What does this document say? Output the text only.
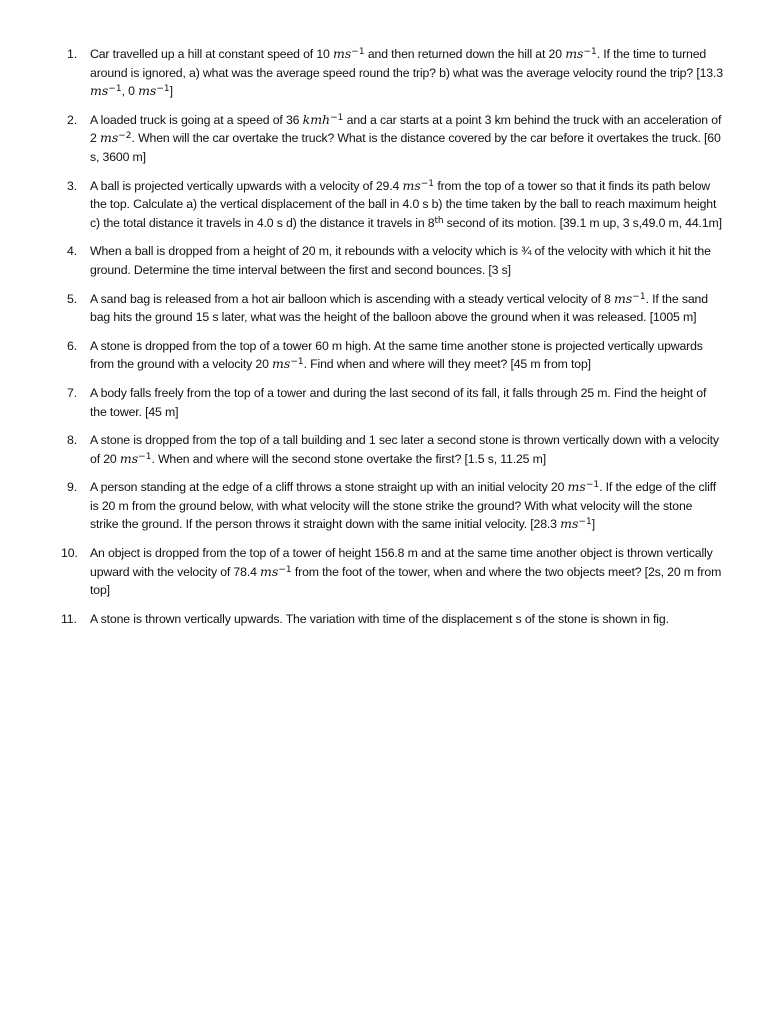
1. Car travelled up a hill at constant speed of 10 $ms^{-1}$ and then returned down the hill at 20 $ms^{-1}$. If the time to turned around is ignored, a) what was the average speed round the trip? b) what was the average velocity round the trip? [13.3 $ms^{-1}$, 0 $ms^{-1}$]
2. A loaded truck is going at a speed of 36 kmh$^{-1}$ and a car starts at a point 3 km behind the truck with an acceleration of 2 $ms^{-2}$. When will the car overtake the truck? What is the distance covered by the car before it overtakes the truck. [60 s, 3600 m]
3. A ball is projected vertically upwards with a velocity of 29.4 $ms^{-1}$ from the top of a tower so that it finds its path below the top. Calculate a) the vertical displacement of the ball in 4.0 s b) the time taken by the ball to reach maximum height c) the total distance it travels in 4.0 s d) the distance it travels in 8th second of its motion. [39.1 m up, 3 s,49.0 m, 44.1m]
4. When a ball is dropped from a height of 20 m, it rebounds with a velocity which is ¾ of the velocity with which it hit the ground. Determine the time interval between the first and second bounces. [3 s]
5. A sand bag is released from a hot air balloon which is ascending with a steady vertical velocity of 8 $ms^{-1}$. If the sand bag hits the ground 15 s later, what was the height of the balloon above the ground when it was released. [1005 m]
6. A stone is dropped from the top of a tower 60 m high. At the same time another stone is projected vertically upwards from the ground with a velocity 20 $ms^{-1}$. Find when and where will they meet? [45 m from top]
7. A body falls freely from the top of a tower and during the last second of its fall, it falls through 25 m. Find the height of the tower. [45 m]
8. A stone is dropped from the top of a tall building and 1 sec later a second stone is thrown vertically down with a velocity of 20 $ms^{-1}$. When and where will the second stone overtake the first? [1.5 s, 11.25 m]
9. A person standing at the edge of a cliff throws a stone straight up with an initial velocity 20 $ms^{-1}$. If the edge of the cliff is 20 m from the ground below, with what velocity will the stone strike the ground? With what velocity will the stone strike the ground. If the person throws it straight down with the same initial velocity. [28.3 $ms^{-1}$]
10. An object is dropped from the top of a tower of height 156.8 m and at the same time another object is thrown vertically upward with the velocity of 78.4 $ms^{-1}$ from the foot of the tower, when and where the two objects meet? [2s, 20 m from top]
11. A stone is thrown vertically upwards. The variation with time of the displacement s of the stone is shown in fig.
